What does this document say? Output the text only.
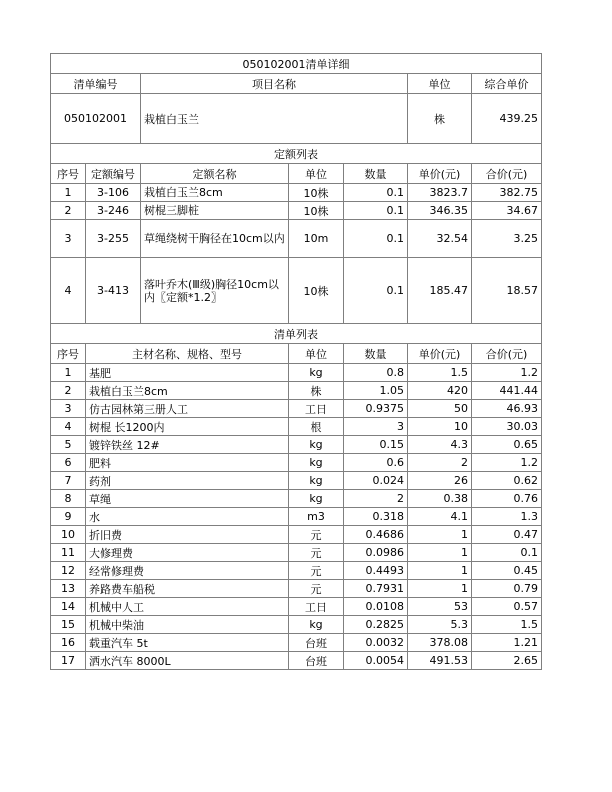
050102001清单详细						
清单编号		项目名称			单位	综合单价
050102001		栽植白玉兰			株	439.25
定额列表						
序号	定额编号	定额名称	单位	数量	单价(元)	合价(元)
1	3-106	栽植白玉兰8cm	10株	0.1	3823.7	382.75
2	3-246	树棍三脚桩	10株	0.1	346.35	34.67
3	3-255	草绳绕树干胸径在10cm以内	10m	0.1	32.54	3.25
4	3-413	落叶乔木(Ⅲ级)胸径10cm以内〖定额*1.2〗	10株	0.1	185.47	18.57
清单列表						
序号	主材名称、规格、型号		单位	数量	单价(元)	合价(元)
1	基肥		kg	0.8	1.5	1.2
2	栽植白玉兰8cm		株	1.05	420	441.44
3	仿古园林第三册人工		工日	0.9375	50	46.93
4	树棍 长1200内		根	3	10	30.03
5	镀锌铁丝 12#		kg	0.15	4.3	0.65
6	肥料		kg	0.6	2	1.2
7	药剂		kg	0.024	26	0.62
8	草绳		kg	2	0.38	0.76
9	水		m3	0.318	4.1	1.3
10	折旧费		元	0.4686	1	0.47
11	大修理费		元	0.0986	1	0.1
12	经常修理费		元	0.4493	1	0.45
13	养路费车船税		元	0.7931	1	0.79
14	机械中人工		工日	0.0108	53	0.57
15	机械中柴油		kg	0.2825	5.3	1.5
16	载重汽车 5t		台班	0.0032	378.08	1.21
17	洒水汽车 8000L		台班	0.0054	491.53	2.65
